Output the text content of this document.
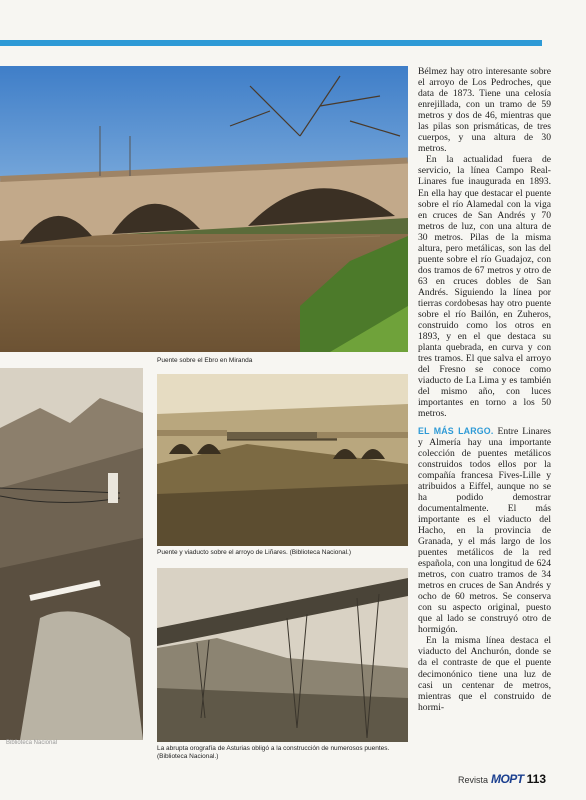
Puente sobre el Ebro en Miranda
Puente y viaducto sobre el arroyo de Liñares. (Biblioteca Nacional.)
La abrupta orografía de Asturias obligó a la construcción de numerosos puentes. (Biblioteca Nacional.)
Biblioteca Nacional

Bélmez hay otro interesante sobre el arroyo de Los Pedroches, que data de 1873. Tiene una celosía enrejillada, con un tramo de 59 metros y dos de 46, mientras que las pilas son prismáticas, de tres cuerpos, y una altura de 30 metros.

En la actualidad fuera de servicio, la línea Campo Real-Linares fue inaugurada en 1893. En ella hay que destacar el puente sobre el río Alamedal con la viga en cruces de San Andrés y 70 metros de luz, con una altura de 30 metros. Pilas de la misma altura, pero metálicas, son las del puente sobre el río Guadajoz, con dos tramos de 67 metros y otro de 63 en cruces dobles de San Andrés. Siguiendo la línea por tierras cordobesas hay otro puente sobre el río Bailón, en Zuheros, construido como los otros en 1893, y en el que destaca su planta quebrada, en curva y con tres tramos. El que salva el arroyo del Fresno se conoce como viaducto de La Lima y es también del mismo año, con luces importantes en torno a los 50 metros.

EL MÁS LARGO. Entre Linares y Almería hay una importante colección de puentes metálicos construidos todos ellos por la compañía francesa Fives-Lille y atribuidos a Eiffel, aunque no se ha podido demostrar documentalmente. El más importante es el viaducto del Hacho, en la provincia de Granada, y el más largo de los puentes metálicos de la red española, con una longitud de 624 metros, con cuatro tramos de 34 metros en cruces de San Andrés y ocho de 60 metros. Se conserva con su aspecto original, puesto que al lado se construyó otro de hormigón.

En la misma línea destaca el viaducto del Anchurón, donde se da el contraste de que el puente decimonónico tiene una luz de casi un centenar de metros, mientras que el construido de hormi-

Revista MOPT 113
